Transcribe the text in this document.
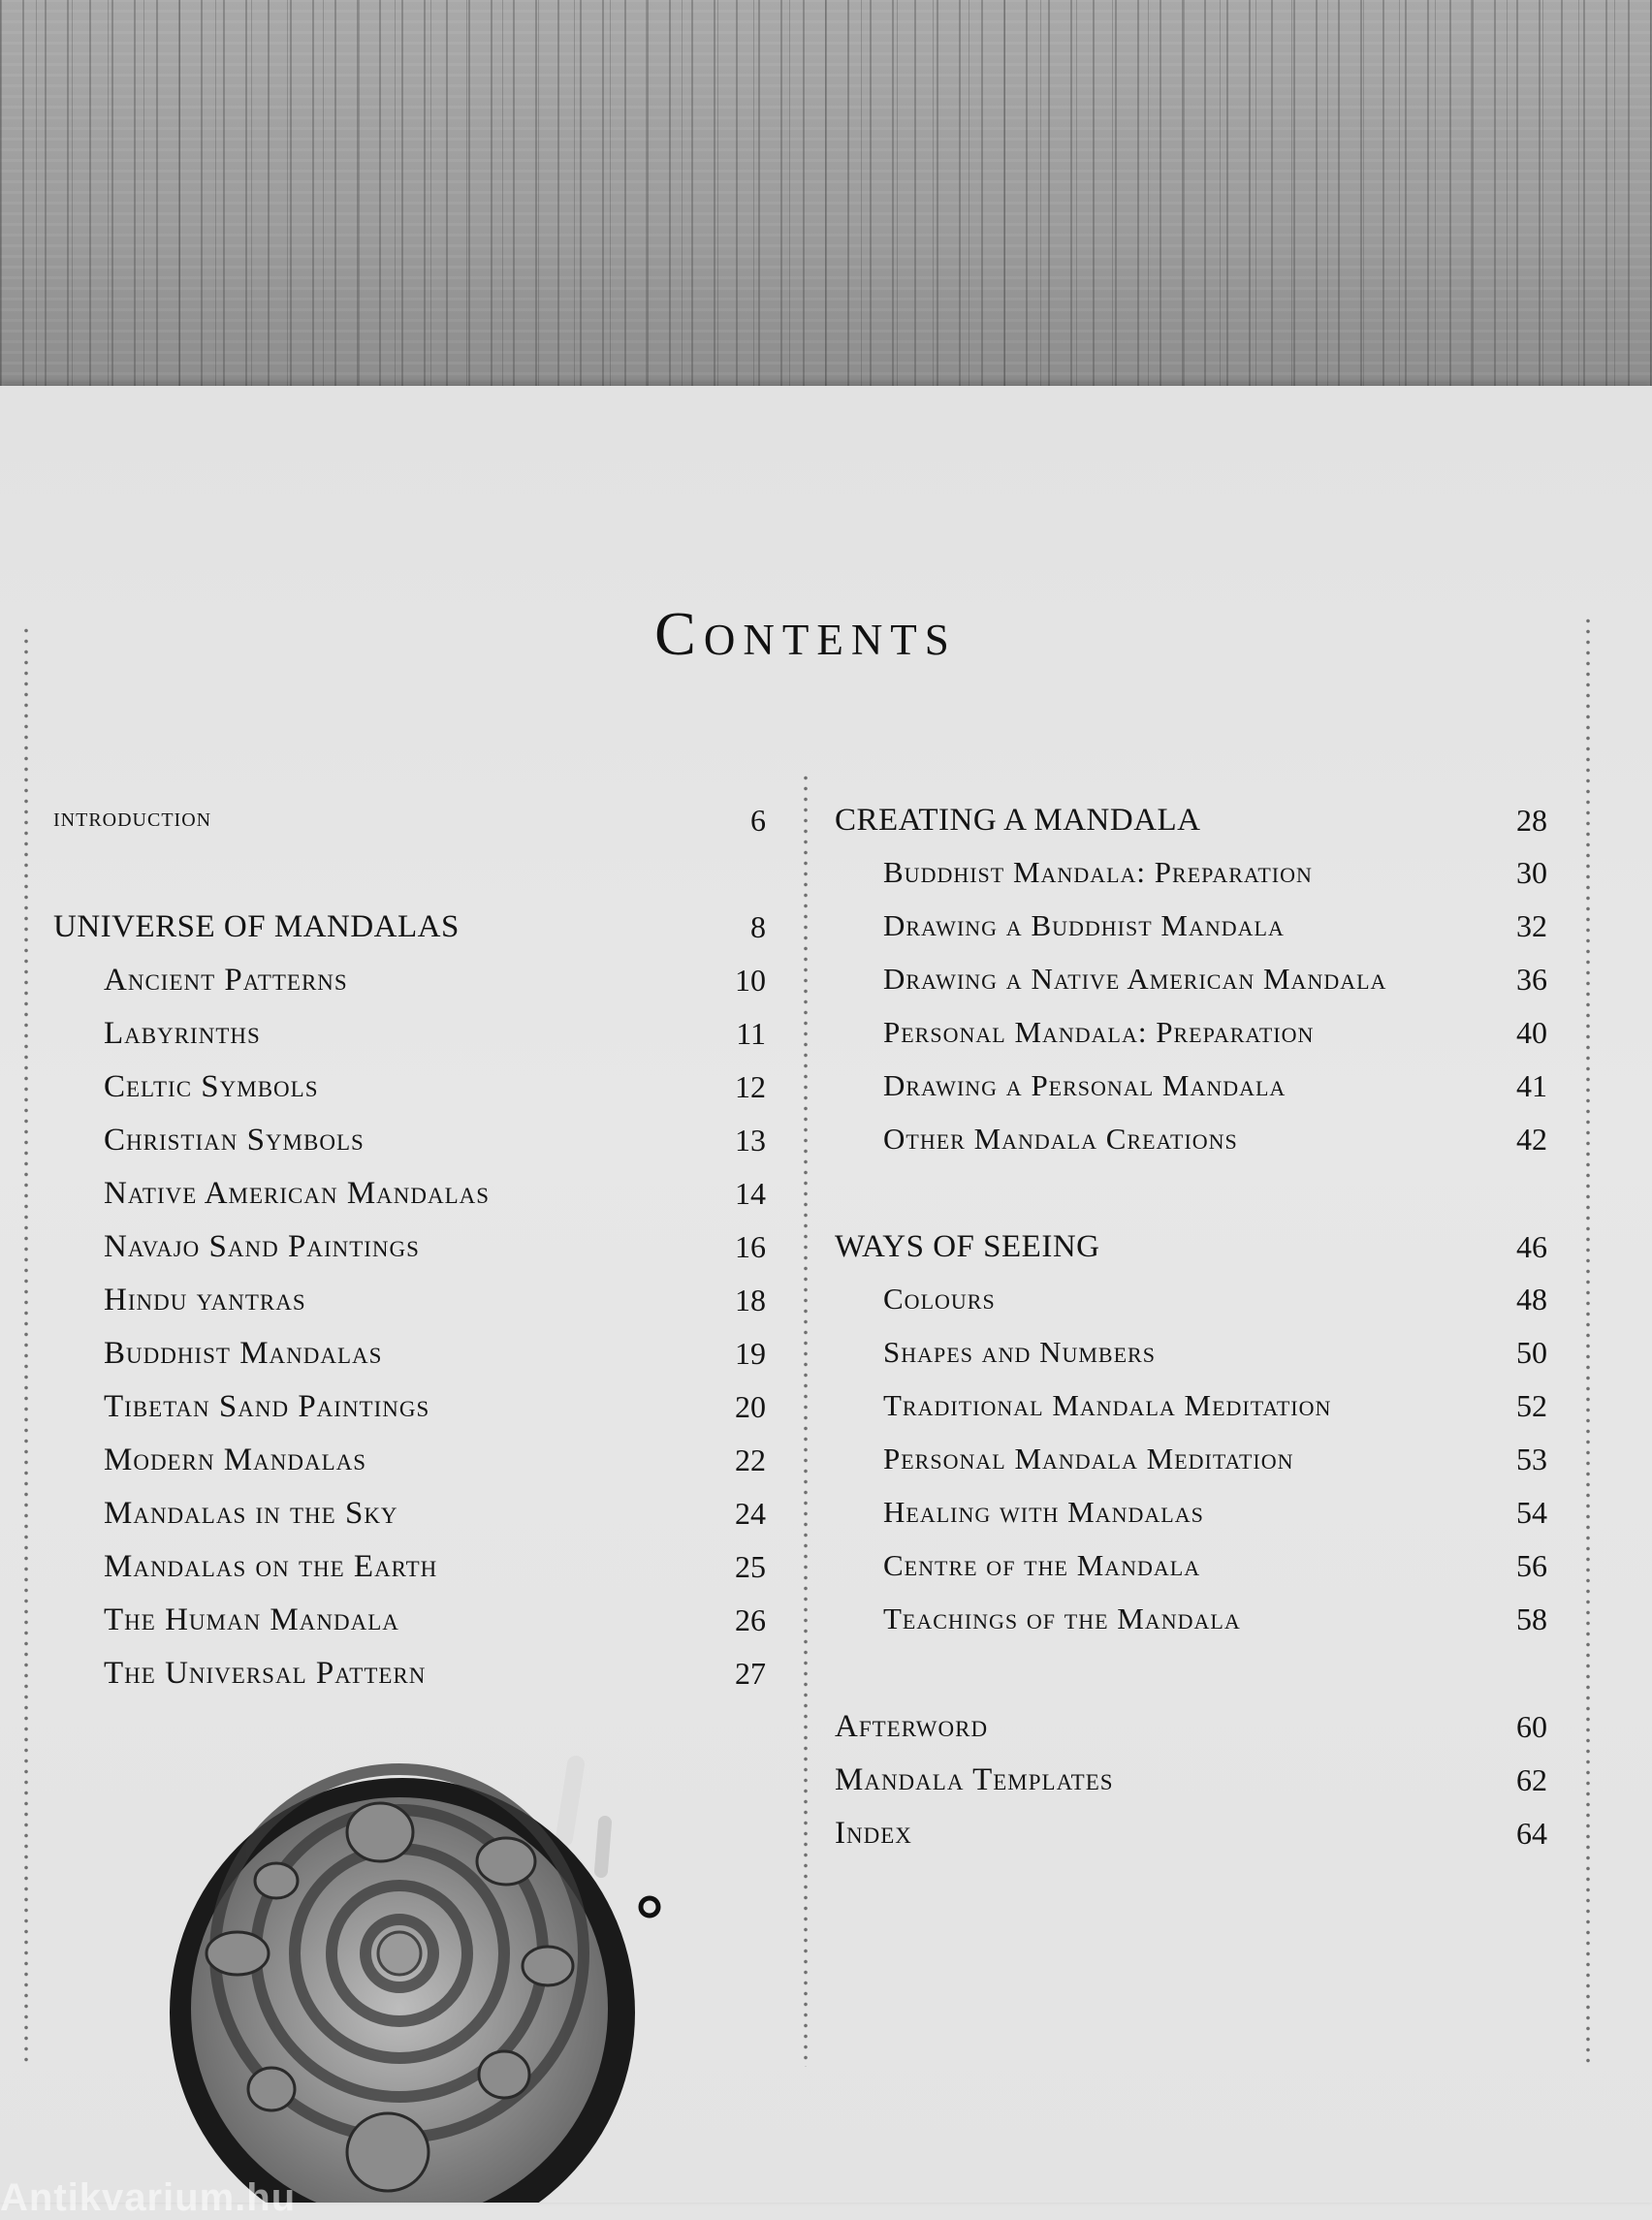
Contents
introduction	6
UNIVERSE OF MANDALAS	8
Ancient Patterns	10
Labyrinths	11
Celtic Symbols	12
Christian Symbols	13
Native American Mandalas	14
Navajo Sand Paintings	16
Hindu yantras	18
Buddhist Mandalas	19
Tibetan Sand Paintings	20
Modern Mandalas	22
Mandalas in the Sky	24
Mandalas on the Earth	25
The Human Mandala	26
The Universal Pattern	27
CREATING A MANDALA	28
Buddhist Mandala: Preparation	30
Drawing a Buddhist Mandala	32
Drawing a Native American Mandala	36
Personal Mandala: Preparation	40
Drawing a Personal Mandala	41
Other Mandala Creations	42
WAYS OF SEEING	46
Colours	48
Shapes and Numbers	50
Traditional Mandala Meditation	52
Personal Mandala Meditation	53
Healing with Mandalas	54
Centre of the Mandala	56
Teachings of the Mandala	58
Afterword	60
Mandala Templates	62
Index	64
Antikvarium.hu
